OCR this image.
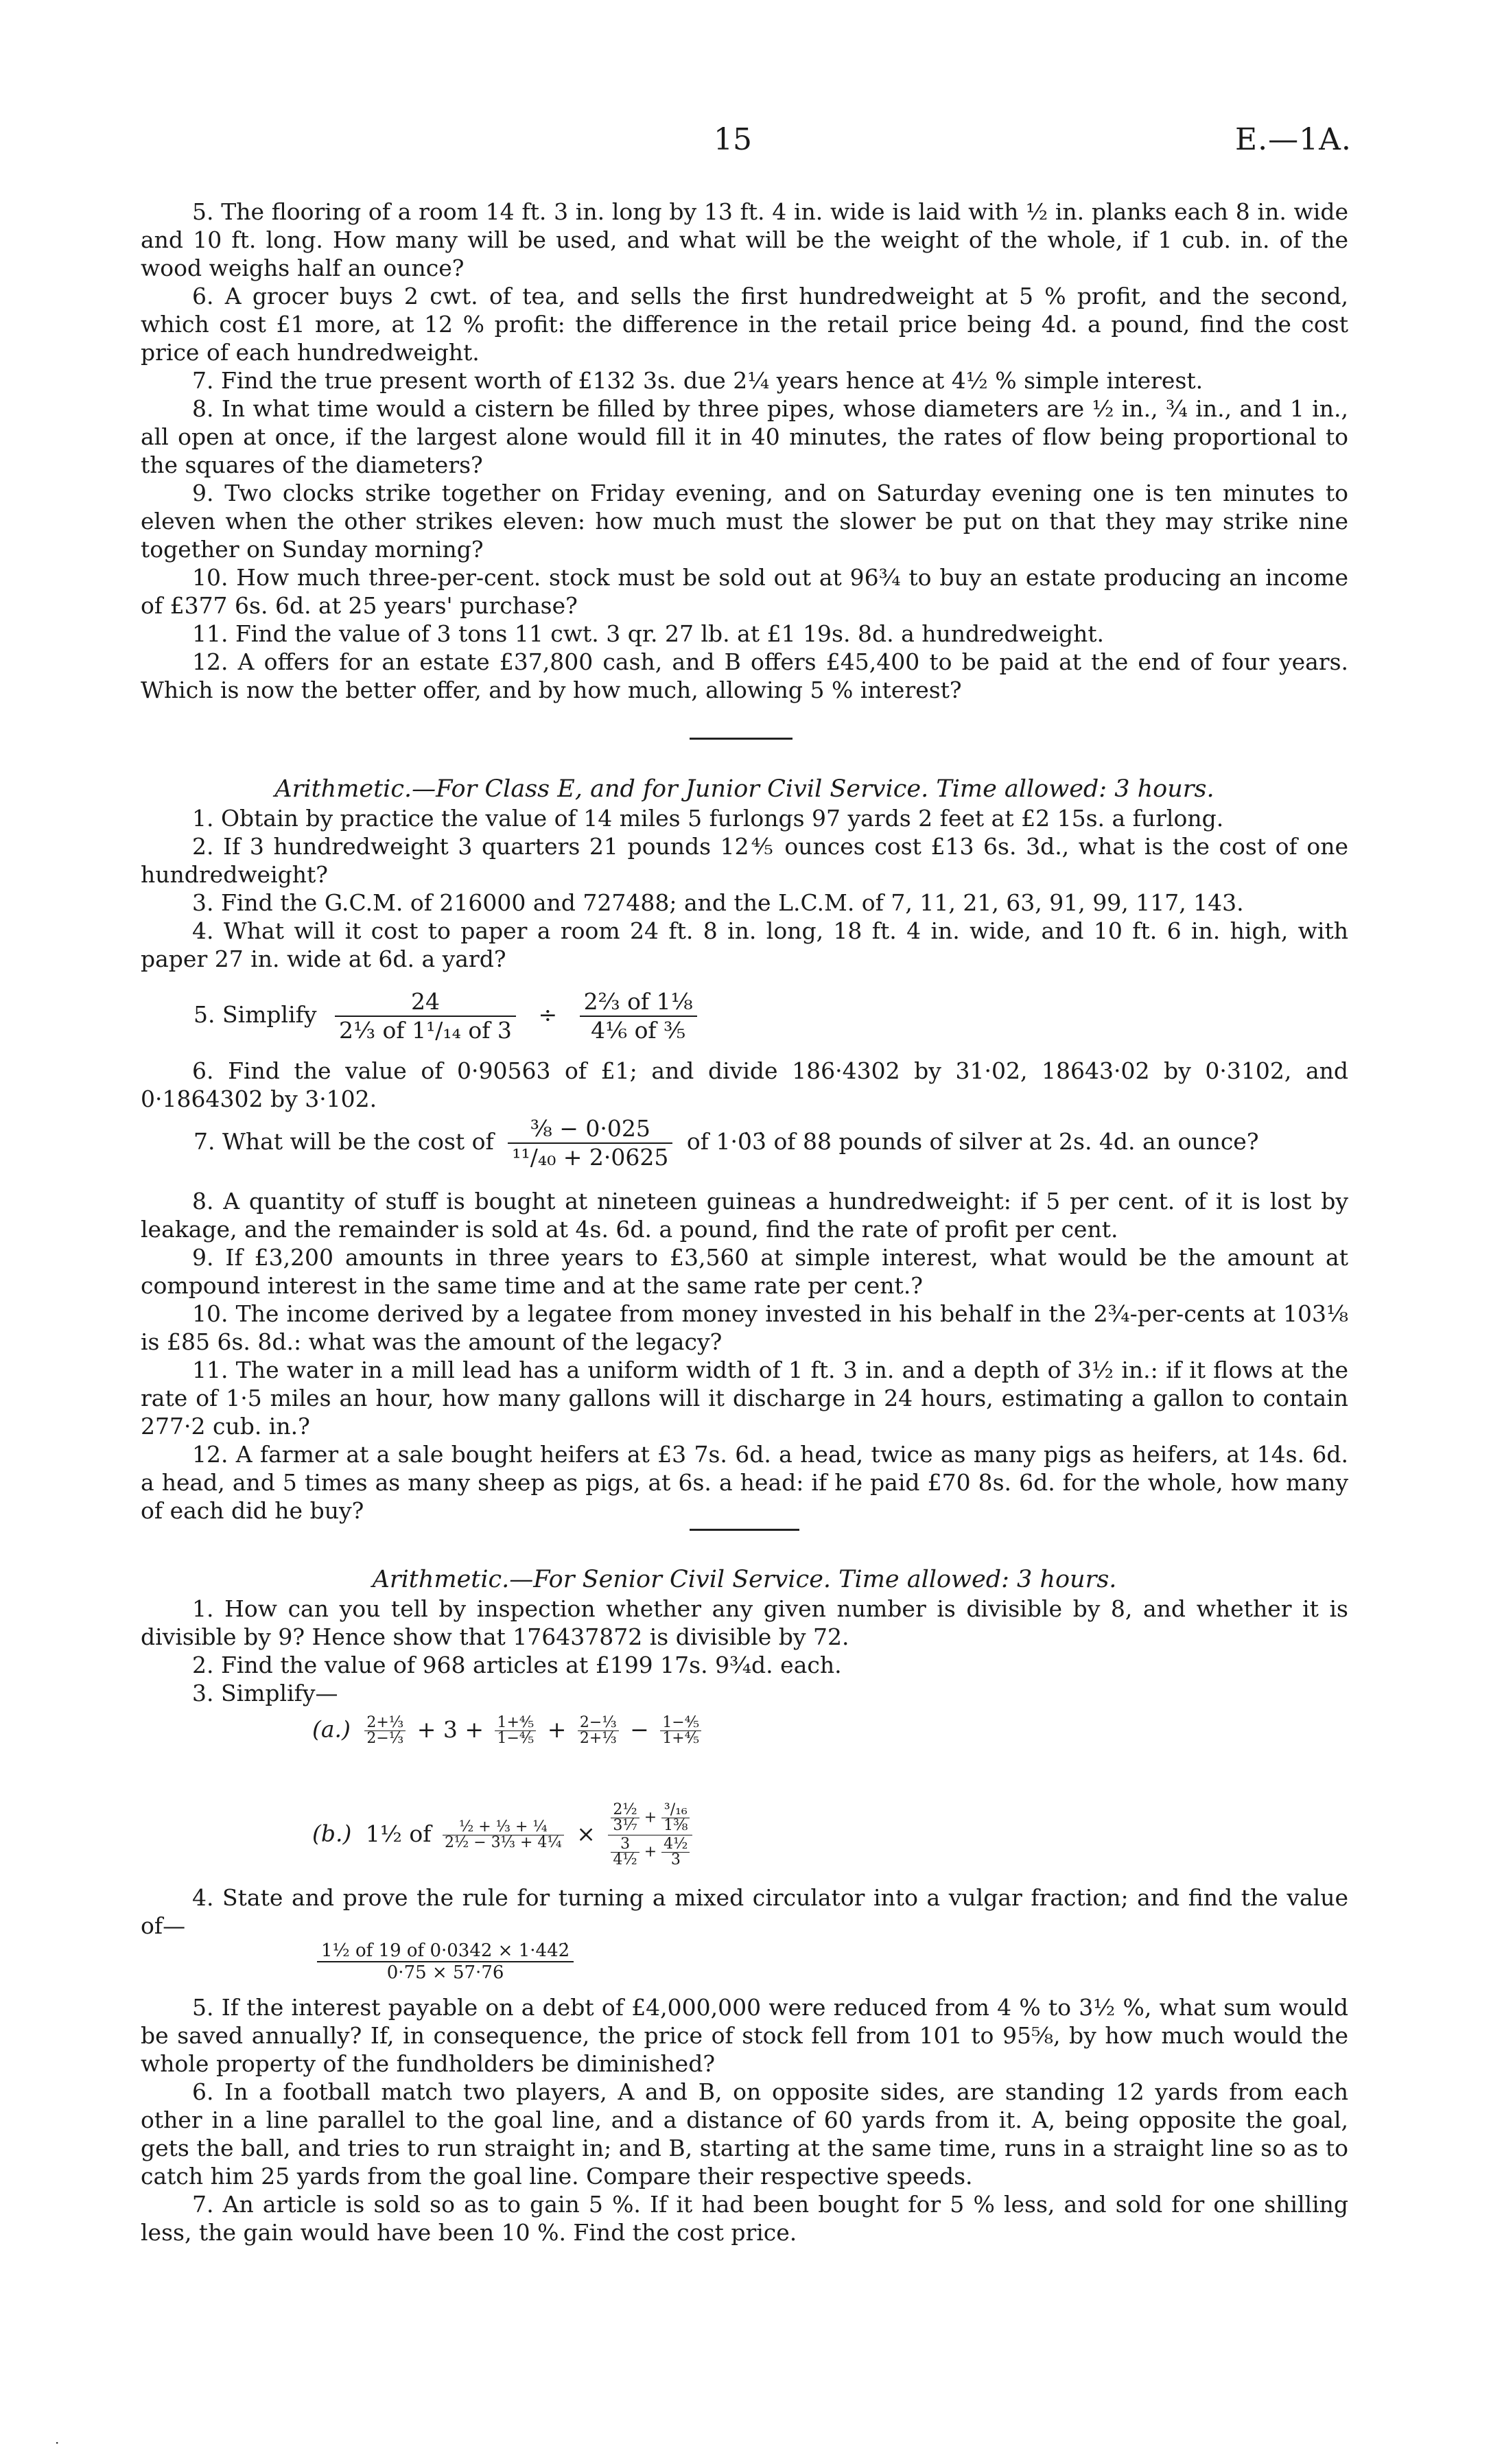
15	E.—1A.

5. The flooring of a room 14 ft. 3 in. long by 13 ft. 4 in. wide is laid with ½ in. planks each 8 in. wide and 10 ft. long. How many will be used, and what will be the weight of the whole, if 1 cub. in. of the wood weighs half an ounce?

6. A grocer buys 2 cwt. of tea, and sells the first hundredweight at 5 % profit, and the second, which cost £1 more, at 12 % profit: the difference in the retail price being 4d. a pound, find the cost price of each hundredweight.

7. Find the true present worth of £132 3s. due 2¼ years hence at 4½ % simple interest.

8. In what time would a cistern be filled by three pipes, whose diameters are ½ in., ¾ in., and 1 in., all open at once, if the largest alone would fill it in 40 minutes, the rates of flow being proportional to the squares of the diameters?

9. Two clocks strike together on Friday evening, and on Saturday evening one is ten minutes to eleven when the other strikes eleven: how much must the slower be put on that they may strike nine together on Sunday morning?

10. How much three-per-cent. stock must be sold out at 96¾ to buy an estate producing an income of £377 6s. 6d. at 25 years' purchase?

11. Find the value of 3 tons 11 cwt. 3 qr. 27 lb. at £1 19s. 8d. a hundredweight.

12. A offers for an estate £37,800 cash, and B offers £45,400 to be paid at the end of four years. Which is now the better offer, and by how much, allowing 5 % interest?

Arithmetic.—For Class E, and for Junior Civil Service. Time allowed: 3 hours.

1. Obtain by practice the value of 14 miles 5 furlongs 97 yards 2 feet at £2 15s. a furlong.

2. If 3 hundredweight 3 quarters 21 pounds 12⅘ ounces cost £13 6s. 3d., what is the cost of one hundredweight?

3. Find the G.C.M. of 216000 and 727488; and the L.C.M. of 7, 11, 21, 63, 91, 99, 117, 143.

4. What will it cost to paper a room 24 ft. 8 in. long, 18 ft. 4 in. wide, and 10 ft. 6 in. high, with paper 27 in. wide at 6d. a yard?

5. Simplify $\frac{24}{\text{2⅓ of 1¹/₁₄ of 3}} \div \frac{\text{2⅔ of 1⅛}}{\text{4⅙ of ⅗}}$

6. Find the value of 0·90563 of £1; and divide 186·4302 by 31·02, 18643·02 by 0·3102, and 0·1864302 by 3·102.

7. What will be the cost of $\frac{\text{⅜ − 0·025}}{\text{¹¹/₄₀ + 2·0625}}$ of 1·0̇3̇ of 88 pounds of silver at 2s. 4d. an ounce?

8. A quantity of stuff is bought at nineteen guineas a hundredweight: if 5 per cent. of it is lost by leakage, and the remainder is sold at 4s. 6d. a pound, find the rate of profit per cent.

9. If £3,200 amounts in three years to £3,560 at simple interest, what would be the amount at compound interest in the same time and at the same rate per cent.?

10. The income derived by a legatee from money invested in his behalf in the 2¾-per-cents at 103⅛ is £85 6s. 8d.: what was the amount of the legacy?

11. The water in a mill lead has a uniform width of 1 ft. 3 in. and a depth of 3½ in.: if it flows at the rate of 1·5 miles an hour, how many gallons will it discharge in 24 hours, estimating a gallon to contain 277·2 cub. in.?

12. A farmer at a sale bought heifers at £3 7s. 6d. a head, twice as many pigs as heifers, at 14s. 6d. a head, and 5 times as many sheep as pigs, at 6s. a head: if he paid £70 8s. 6d. for the whole, how many of each did he buy?

Arithmetic.—For Senior Civil Service. Time allowed: 3 hours.

1. How can you tell by inspection whether any given number is divisible by 8, and whether it is divisible by 9? Hence show that 176437872 is divisible by 72.

2. Find the value of 968 articles at £199 17s. 9¾d. each.

3. Simplify—

$(a.) \frac{\text{2+⅓}}{\text{2−⅓}} + 3 + \frac{\text{1+⅘}}{\text{1−⅘}} + \frac{\text{2−⅓}}{\text{2+⅓}} - \frac{\text{1−⅘}}{\text{1+⅘}}$
(b.) 1½ of	½ + ⅓ + ¼
2½ − 3⅓ + 4¼ × $\frac{\text{2½}}{\text{3⅐}} + ^3/_{16}$
1⅜
$\frac{3}{\text{4½}} + \frac{\text{4½}}{3}$

4. State and prove the rule for turning a mixed circulator into a vulgar fraction; and find the value of—

$\frac{\text{1½ of 19 of 0·0342 × 1·44̇2̇}}{0\cdot 75 \times 57\cdot 76}$

5. If the interest payable on a debt of £4,000,000 were reduced from 4 % to 3½ %, what sum would be saved annually? If, in consequence, the price of stock fell from 101 to 95⅝, by how much would the whole property of the fundholders be diminished?

6. In a football match two players, A and B, on opposite sides, are standing 12 yards from each other in a line parallel to the goal line, and a distance of 60 yards from it. A, being opposite the goal, gets the ball, and tries to run straight in; and B, starting at the same time, runs in a straight line so as to catch him 25 yards from the goal line. Compare their respective speeds.

7. An article is sold so as to gain 5 %. If it had been bought for 5 % less, and sold for one shilling less, the gain would have been 10 %. Find the cost price.

·
